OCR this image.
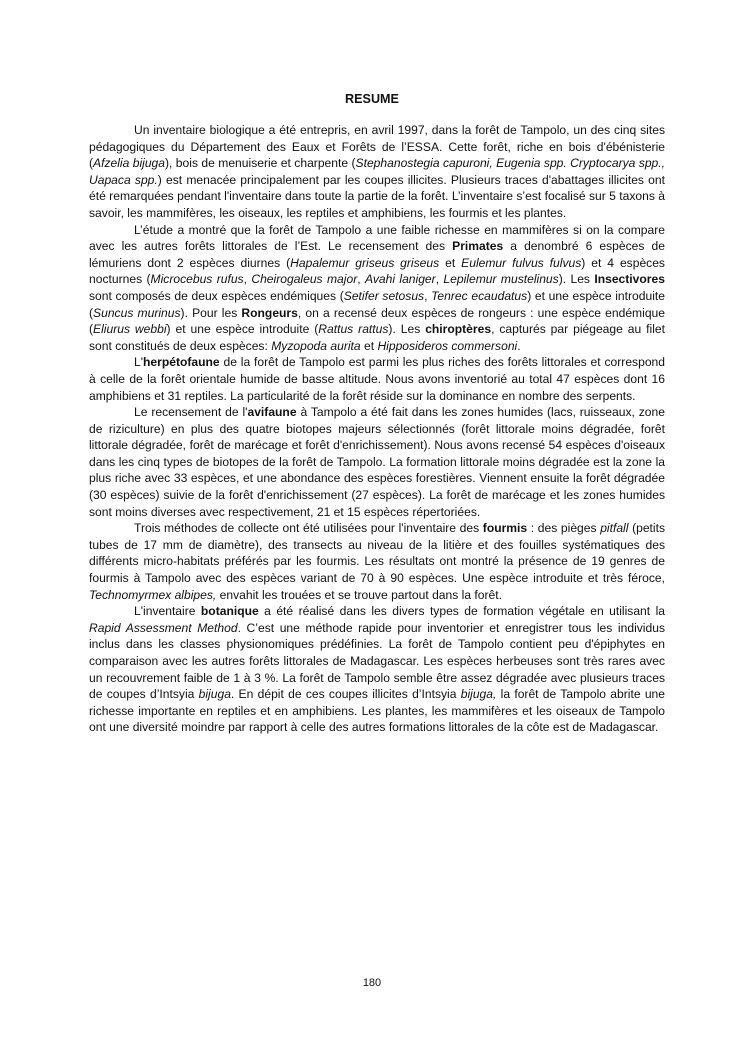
RESUME

Un inventaire biologique a été entrepris, en avril 1997, dans la forêt de Tampolo, un des cinq sites pédagogiques du Département des Eaux et Forêts de l’ESSA. Cette forêt, riche en bois d'ébénisterie (Afzelia bijuga), bois de menuiserie et charpente (Stephanostegia capuroni, Eugenia spp. Cryptocarya spp., Uapaca spp.) est menacée principalement par les coupes illicites. Plusieurs traces d'abattages illicites ont été remarquées pendant l'inventaire dans toute la partie de la forêt. L’inventaire s’est focalisé sur 5 taxons à savoir, les mammifères, les oiseaux, les reptiles et amphibiens, les fourmis et les plantes.

L’étude a montré que la forêt de Tampolo a une faible richesse en mammifères si on la compare avec les autres forêts littorales de l’Est. Le recensement des Primates a denombré 6 espèces de lémuriens dont 2 espèces diurnes (Hapalemur griseus griseus et Eulemur fulvus fulvus) et 4 espèces nocturnes (Microcebus rufus, Cheirogaleus major, Avahi laniger, Lepilemur mustelinus). Les Insectivores sont composés de deux espèces endémiques (Setifer setosus, Tenrec ecaudatus) et une espèce introduite (Suncus murinus). Pour les Rongeurs, on a recensé deux espèces de rongeurs : une espèce endémique (Eliurus webbi) et une espèce introduite (Rattus rattus). Les chiroptères, capturés par piégeage au filet sont constitués de deux espèces: Myzopoda aurita et Hipposideros commersoni.

L'herpétofaune de la forêt de Tampolo est parmi les plus riches des forêts littorales et correspond à celle de la forêt orientale humide de basse altitude. Nous avons inventorié au total 47 espèces dont 16 amphibiens et 31 reptiles. La particularité de la forêt réside sur la dominance en nombre des serpents.

Le recensement de l'avifaune à Tampolo a été fait dans les zones humides (lacs, ruisseaux, zone de riziculture) en plus des quatre biotopes majeurs sélectionnés (forêt littorale moins dégradée, forêt littorale dégradée, forêt de marécage et forêt d'enrichissement). Nous avons recensé 54 espèces d'oiseaux dans les cinq types de biotopes de la forêt de Tampolo. La formation littorale moins dégradée est la zone la plus riche avec 33 espèces, et une abondance des espèces forestières. Viennent ensuite la forêt dégradée (30 espèces) suivie de la forêt d'enrichissement (27 espèces). La forêt de marécage et les zones humides sont moins diverses avec respectivement, 21 et 15 espèces répertoriées.

Trois méthodes de collecte ont été utilisées pour l'inventaire des fourmis : des pièges pitfall (petits tubes de 17 mm de diamètre), des transects au niveau de la litière et des fouilles systématiques des différents micro-habitats préférés par les fourmis. Les résultats ont montré la présence de 19 genres de fourmis à Tampolo avec des espèces variant de 70 à 90 espèces. Une espèce introduite et très féroce, Technomyrmex albipes, envahit les trouées et se trouve partout dans la forêt.

L'inventaire botanique a été réalisé dans les divers types de formation végétale en utilisant la Rapid Assessment Method. C’est une méthode rapide pour inventorier et enregistrer tous les individus inclus dans les classes physionomiques prédéfinies. La forêt de Tampolo contient peu d'épiphytes en comparaison avec les autres forêts littorales de Madagascar. Les espèces herbeuses sont très rares avec un recouvrement faible de 1 à 3 %. La forêt de Tampolo semble être assez dégradée avec plusieurs traces de coupes d’Intsyia bijuga. En dépit de ces coupes illicites d’Intsyia bijuga, la forêt de Tampolo abrite une richesse importante en reptiles et en amphibiens. Les plantes, les mammifères et les oiseaux de Tampolo ont une diversité moindre par rapport à celle des autres formations littorales de la côte est de Madagascar.

180
